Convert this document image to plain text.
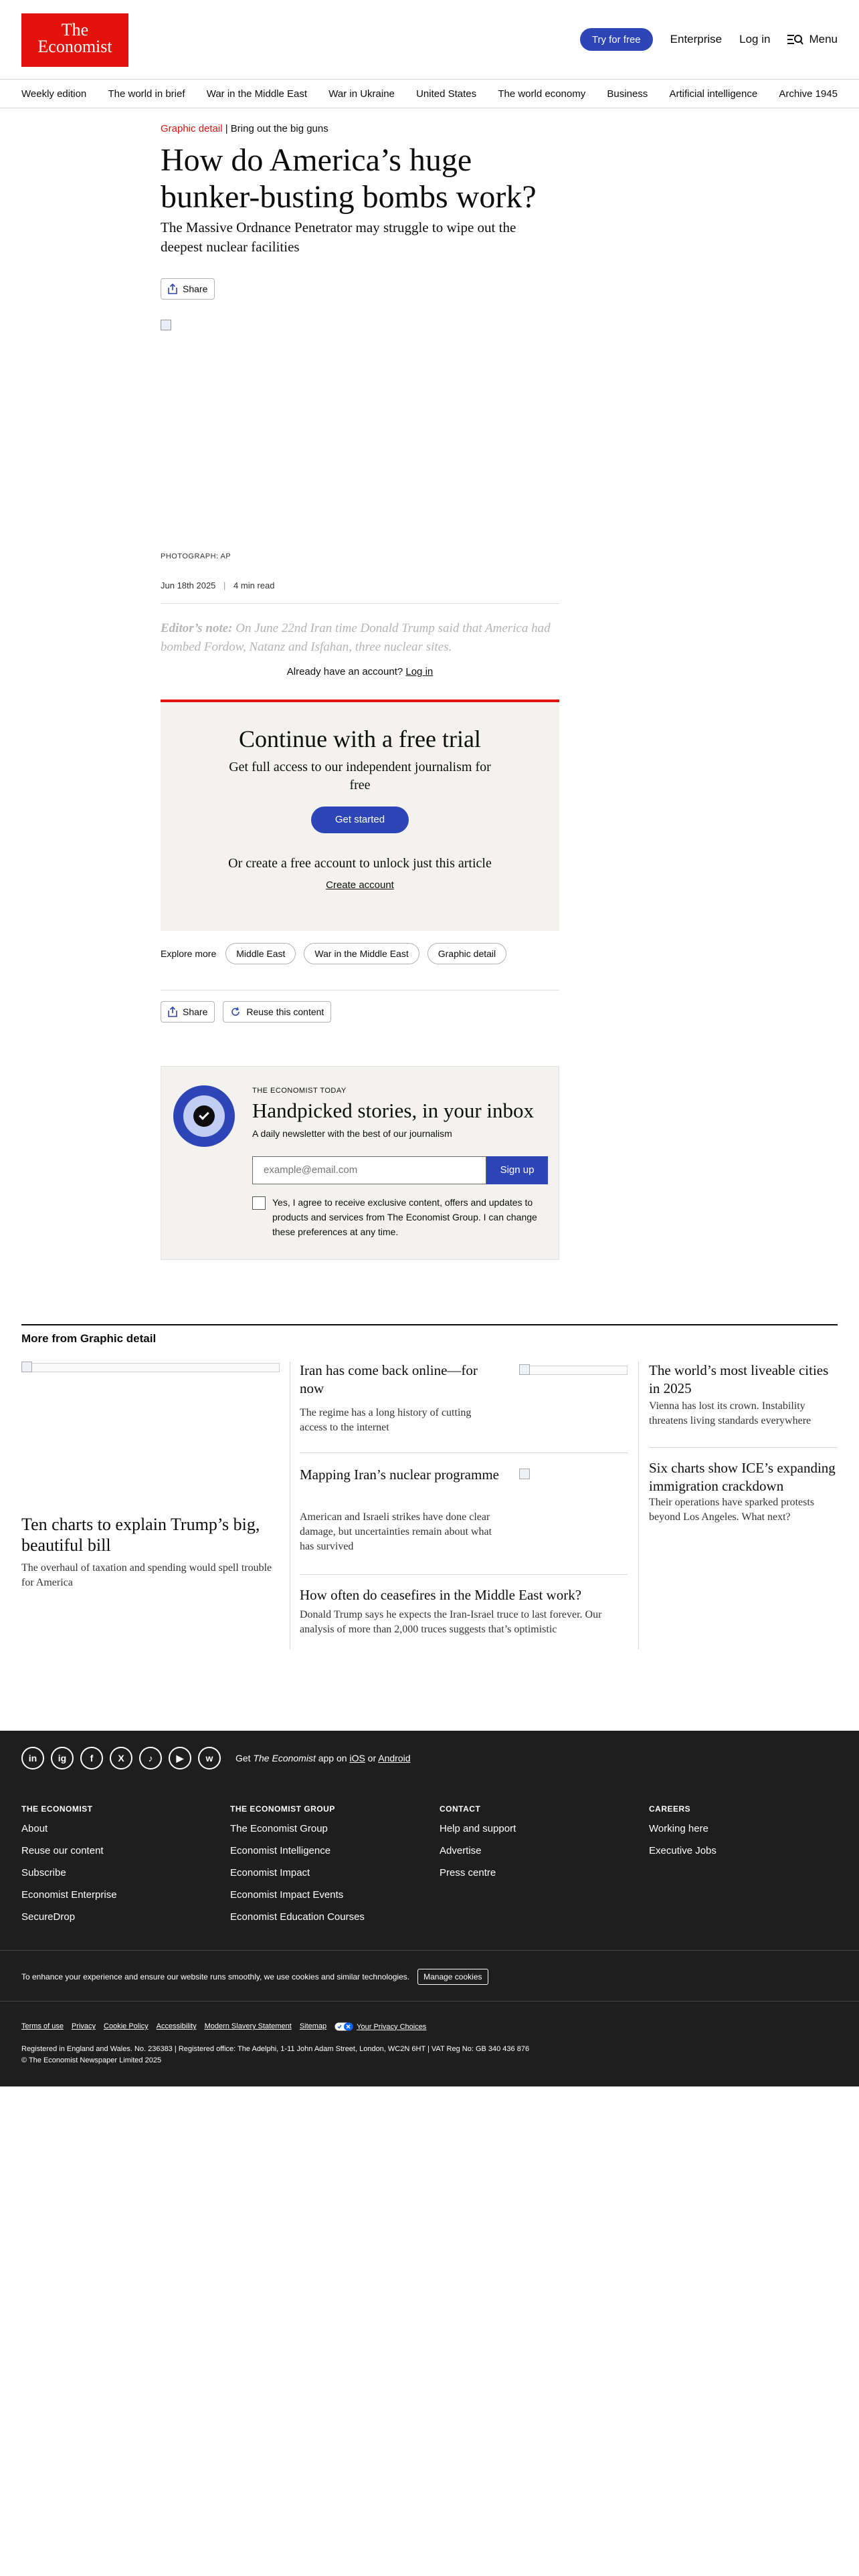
The
Economist	Try for free	Enterprise Log in	Menu
Weekly edition The world in brief War in the Middle East War in Ukraine United States The world economy Business Artificial intelligence Archive 1945
Graphic detail | Bring out the big guns
How do America’s huge bunker-busting bombs work?

The Massive Ordnance Penetrator may struggle to wipe out the deepest nuclear facilities

Share
PHOTOGRAPH: AP
Jun 18th 2025 | 4 min read

Editor’s note: On June 22nd Iran time Donald Trump said that America had bombed Fordow, Natanz and Isfahan, three nuclear sites.

Already have an account? Log in
Continue with a free trial

Get full access to our independent journalism for free

Get started

Or create a free account to unlock just this article

Create account
Explore more	Middle East	War in the Middle East	Graphic detail
Share	Reuse this content
THE ECONOMIST TODAY
Handpicked stories, in your inbox
A daily newsletter with the best of our journalism
example@email.com	Sign up
Yes, I agree to receive exclusive content, offers and updates to products and services from The Economist Group. I can change these preferences at any time.
More from Graphic detail
Ten charts to explain Trump’s big, beautiful bill
The overhaul of taxation and spending would spell trouble for America
Iran has come back online—for now
The regime has a long history of cutting access to the internet
Mapping Iran’s nuclear programme
American and Israeli strikes have done clear damage, but uncertainties remain about what has survived
How often do ceasefires in the Middle East work?
Donald Trump says he expects the Iran-Israel truce to last forever. Our analysis of more than 2,000 truces suggests that’s optimistic
The world’s most liveable cities in 2025
Vienna has lost its crown. Instability threatens living standards everywhere
Six charts show ICE’s expanding immigration crackdown
Their operations have sparked protests beyond Los Angeles. What next?
in	ig	f	X	♪	▶	w	Get The Economist app on iOS or Android
THE ECONOMIST
About
Reuse our content
Subscribe
Economist Enterprise
SecureDrop
THE ECONOMIST GROUP
The Economist Group
Economist Intelligence
Economist Impact
Economist Impact Events
Economist Education Courses
CONTACT
Help and support
Advertise
Press centre
CAREERS
Working here
Executive Jobs
To enhance your experience and ensure our website runs smoothly, we use cookies and similar technologies.	Manage cookies
Terms of use Privacy Cookie Policy Accessibility Modern Slavery Statement Sitemap	Your Privacy Choices
Registered in England and Wales. No. 236383 | Registered office: The Adelphi, 1-11 John Adam Street, London, WC2N 6HT | VAT Reg No: GB 340 436 876
© The Economist Newspaper Limited 2025
